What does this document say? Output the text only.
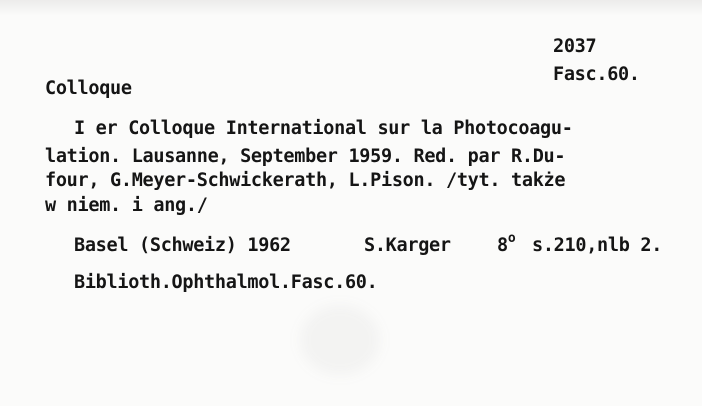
2037
Fasc.60.
Colloque
I er Colloque International sur la Photocoagu-
lation. Lausanne, September 1959. Red. par R.Du-
four, G.Meyer-Schwickerath, L.Pison. /tyt. także
w niem. i ang./
Basel (Schweiz) 1962	S.Karger	8$^o$ s.210,nlb 2.
Biblioth.Ophthalmol.Fasc.60.
